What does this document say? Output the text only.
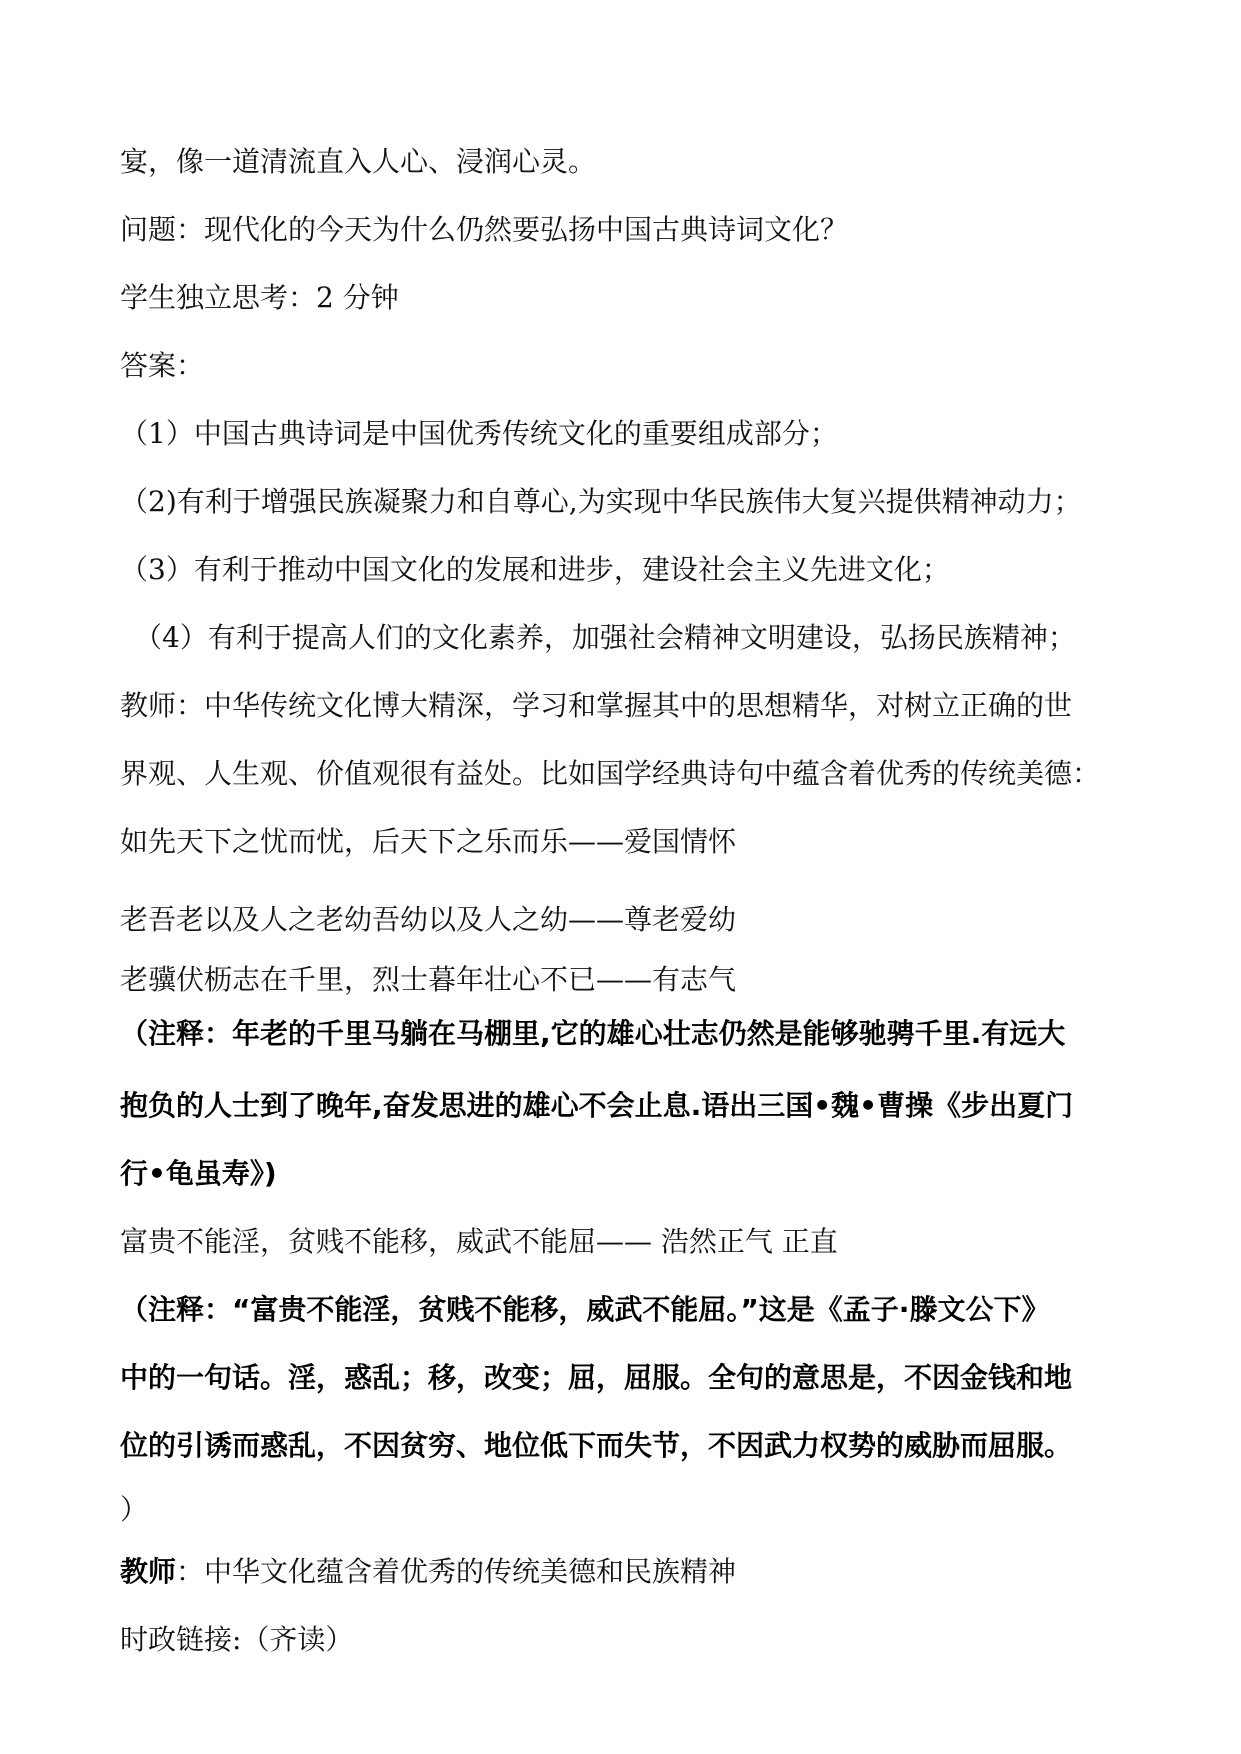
宴，像一道清流直入人心、浸润心灵。
问题：现代化的今天为什么仍然要弘扬中国古典诗词文化？
学生独立思考：2 分钟
答案：
（1）中国古典诗词是中国优秀传统文化的重要组成部分；
（2)有利于增强民族凝聚力和自尊心,为实现中华民族伟大复兴提供精神动力；
（3）有利于推动中国文化的发展和进步，建设社会主义先进文化；
（4）有利于提高人们的文化素养，加强社会精神文明建设，弘扬民族精神；
教师：中华传统文化博大精深，学习和掌握其中的思想精华，对树立正确的世
界观、人生观、价值观很有益处。比如国学经典诗句中蕴含着优秀的传统美德：
如先天下之忧而忧，后天下之乐而乐——爱国情怀
老吾老以及人之老幼吾幼以及人之幼——尊老爱幼
老骥伏枥志在千里，烈士暮年壮心不已——有志气
（注释：年老的千里马躺在马棚里,它的雄心壮志仍然是能够驰骋千里.有远大
抱负的人士到了晚年,奋发思进的雄心不会止息.语出三国•魏•曹操《步出夏门
行•龟虽寿》)
富贵不能淫，贫贱不能移，威武不能屈—— 浩然正气 正直
（注释：“富贵不能淫，贫贱不能移，威武不能屈。”这是《孟子·滕文公下》
中的一句话。淫，惑乱；移，改变；屈，屈服。全句的意思是，不因金钱和地
位的引诱而惑乱，不因贫穷、地位低下而失节，不因武力权势的威胁而屈服。
）
教师：中华文化蕴含着优秀的传统美德和民族精神
时政链接:（齐读）
